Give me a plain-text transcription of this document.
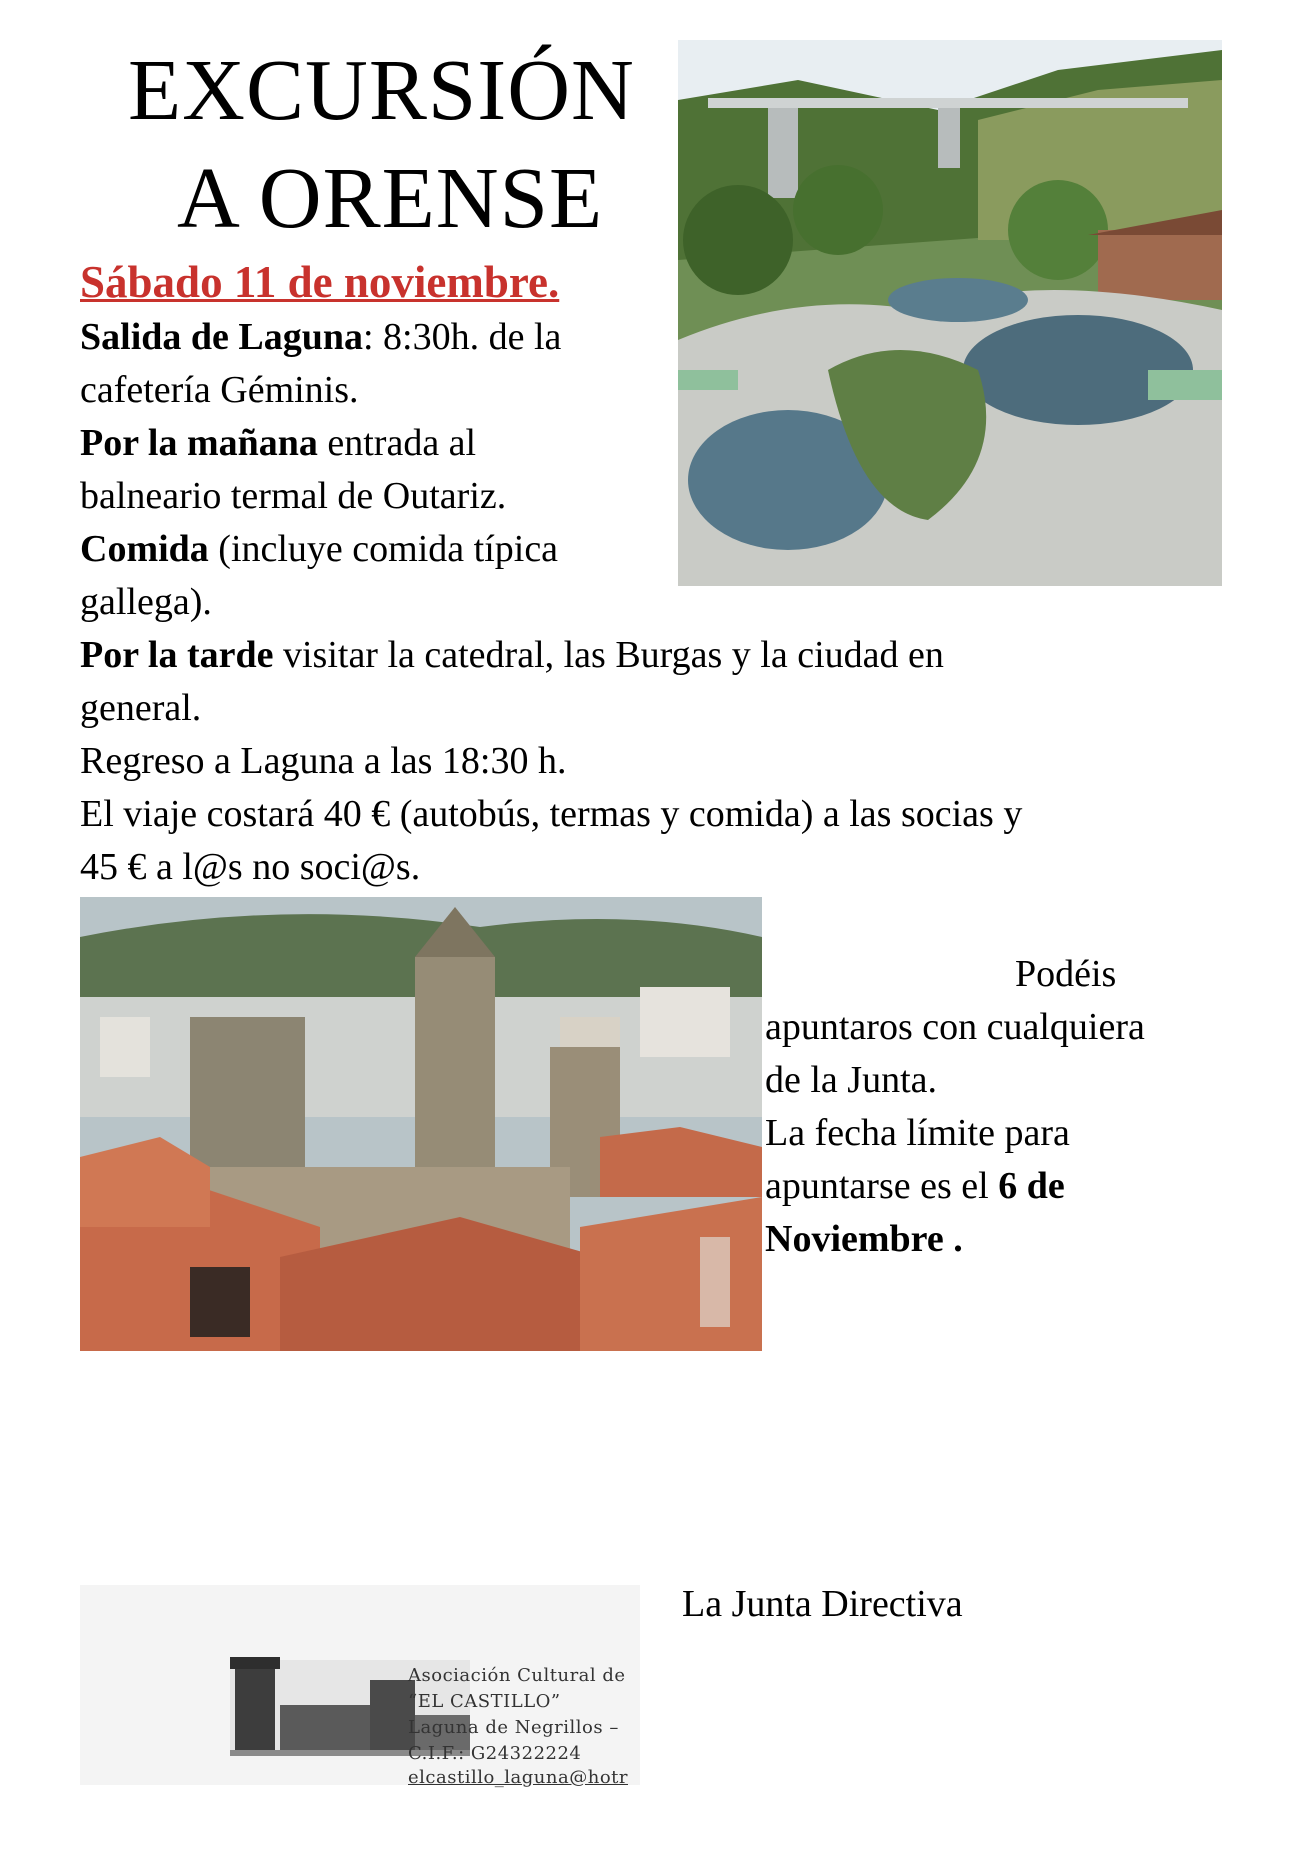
EXCURSIÓN
A ORENSE
Sábado 11 de noviembre.
Salida de Laguna: 8:30h. de la
cafetería Géminis.
Por la mañana entrada al
balneario termal de Outariz.
Comida (incluye comida típica
gallega).
Por la tarde visitar la catedral, las Burgas y la ciudad en
general.
Regreso a Laguna a las 18:30 h.
El viaje costará 40 € (autobús, termas y comida) a las socias y
45 € a l@s no soci@s.
Podéis
apuntaros con cualquiera
de la Junta.
La fecha límite para
apuntarse es el 6 de
Noviembre .
La Junta Directiva
Asociación Cultural de
“EL CASTILLO”
Laguna de Negrillos –
C.I.F.: G24322224
elcastillo_laguna@hotr
